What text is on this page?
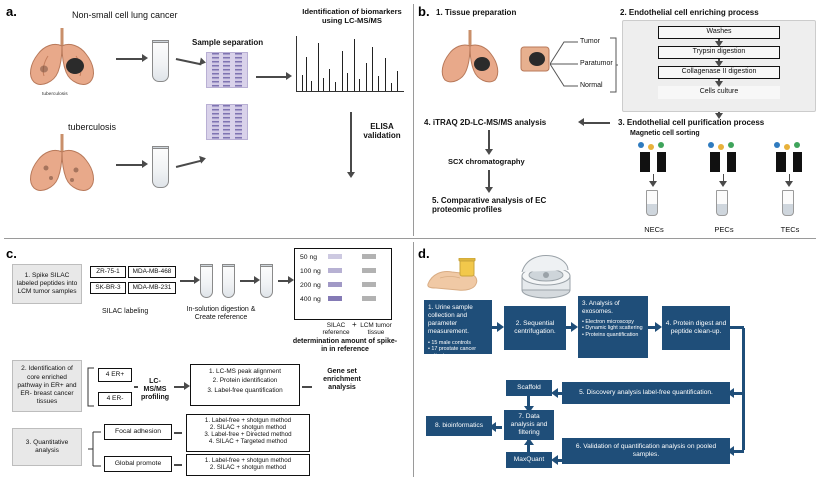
a.	Non-small cell lung cancer
tuberculosis
tuberculosis
Sample separation
Identification of biomarkers using LC-MS/MS
ELISA validation
b. 1. Tissue preparation	2. Endothelial cell enriching process
Tumor
Paratumor
Normal
Washes
Trypsin digestion
Collagenase II digestion
Cells culture
3. Endothelial cell purification process
Magnetic cell sorting
NECs	PECs	TECs
4. iTRAQ 2D-LC-MS/MS analysis
SCX chromatography
5. Comparative analysis of EC proteomic profiles
c.
1. Spike SILAC labeled peptides into LCM tumor samples
ZR-75-1	MDA-MB-468
SK-BR-3	MDA-MB-231
SILAC labeling	In-solution digestion & Create reference
50 ng
100 ng
200 ng
400 ng
SILAC reference
LCM tumor tissue
+
determination amount of spike-in in reference
2. Identification of core enriched pathway in ER+ and ER- breast cancer tissues
4 ER+
4 ER-
LC-MS/MS profiling
1. LC-MS peak alignment
2. Protein identification
3. Label-free quantification
Gene set enrichment analysis
3. Quantitative analysis
Focal adhesion
Global promote
1. Label-free + shotgun method
2. SILAC + shotgun method
3. Label-free + Directed method
4. SILAC + Targeted method
1. Label-free + shotgun method
2. SILAC + shotgun method
d.
1. Urine sample collection and parameter measurement.
• 15 male controls
• 17 prostate cancer patients
2. Sequential centrifugation.
3. Analysis of exosomes.
• Electron microscopy
• Dynamic light scattering
• Proteins quantification
4. Protein digest and peptide clean-up.
5. Discovery analysis label-free quantification.
6. Validation of quantification analysis on pooled samples.
7. Data analysis and filtering
8. bioinformatics
Scaffold
MaxQuant
